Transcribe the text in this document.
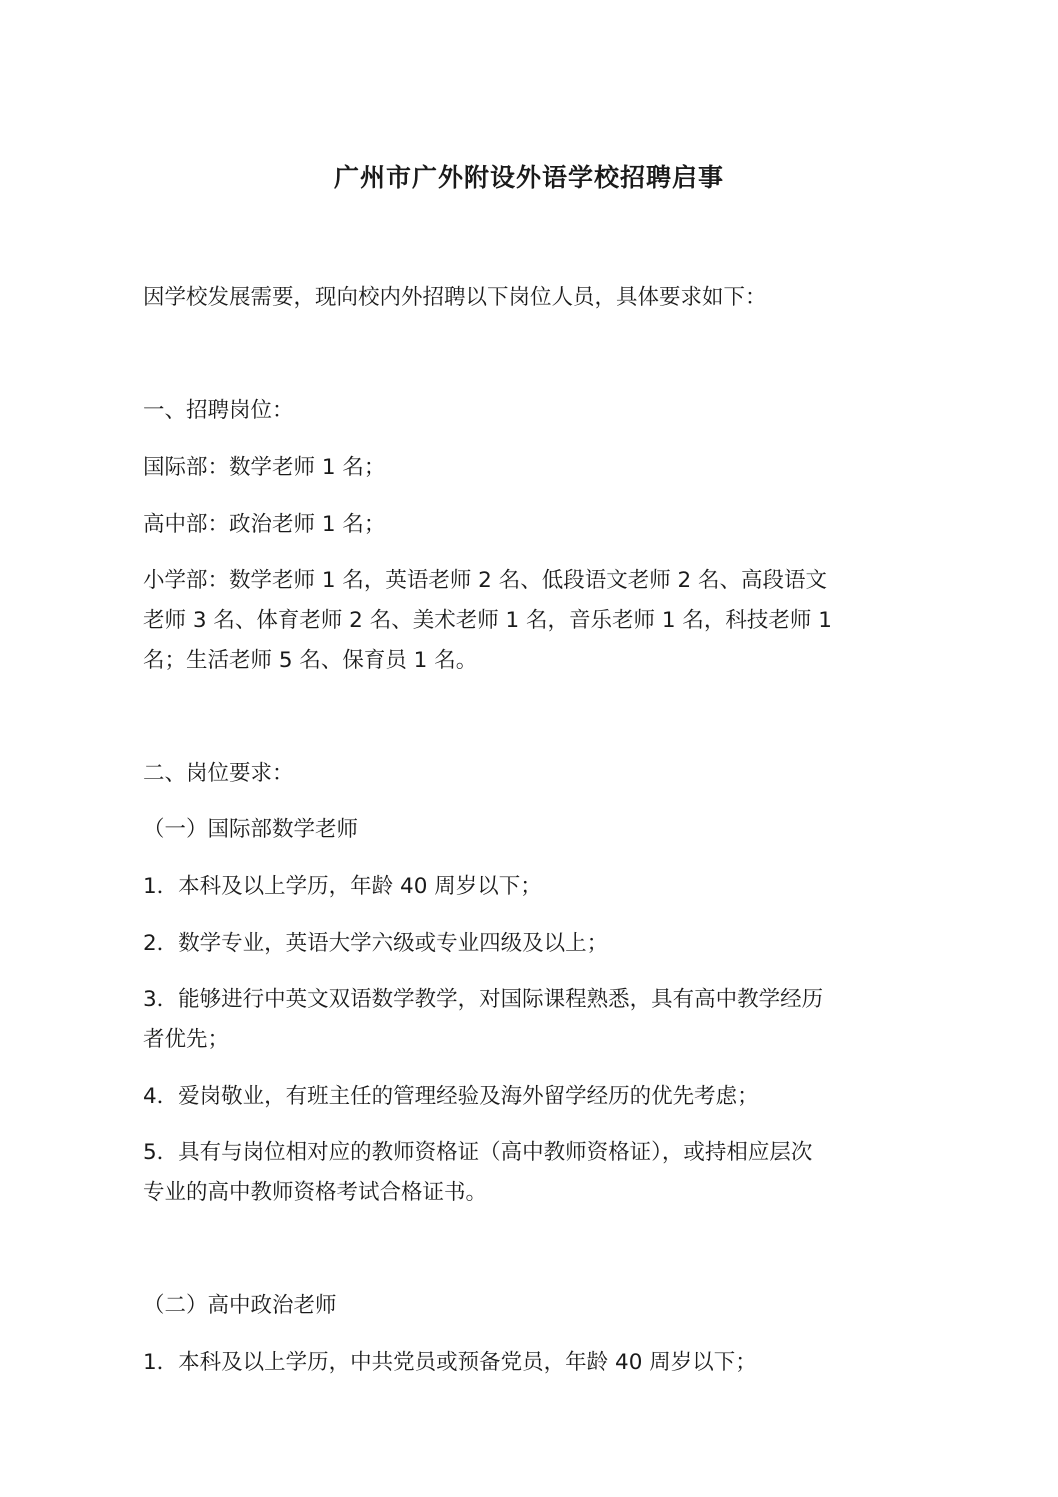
广州市广外附设外语学校招聘启事

因学校发展需要，现向校内外招聘以下岗位人员，具体要求如下：

一、招聘岗位：

国际部：数学老师 1 名；

高中部：政治老师 1 名；

小学部：数学老师 1 名，英语老师 2 名、低段语文老师 2 名、高段语文
老师 3 名、体育老师 2 名、美术老师 1 名，音乐老师 1 名，科技老师 1
名；生活老师 5 名、保育员 1 名。

二、岗位要求：

（一）国际部数学老师

1．本科及以上学历，年龄 40 周岁以下；

2．数学专业，英语大学六级或专业四级及以上；

3．能够进行中英文双语数学教学，对国际课程熟悉，具有高中教学经历
者优先；

4．爱岗敬业，有班主任的管理经验及海外留学经历的优先考虑；

5．具有与岗位相对应的教师资格证（高中教师资格证），或持相应层次
专业的高中教师资格考试合格证书。

（二）高中政治老师

1．本科及以上学历，中共党员或预备党员，年龄 40 周岁以下；
